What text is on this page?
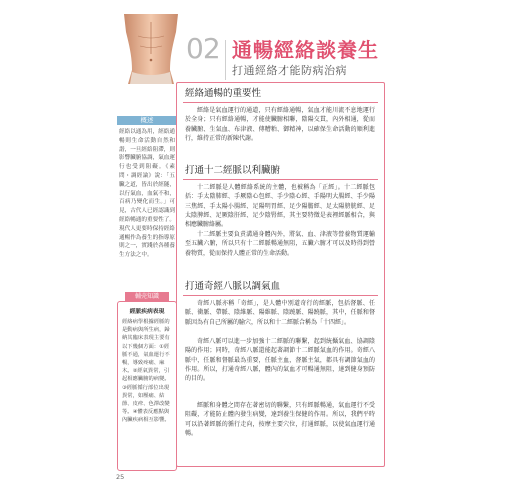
02 通暢經絡談養生
打通經絡才能防病治病
概述
經絡以通為用，經絡通暢則生命活動自然和諧，一旦經絡阻滯，則影響臟腑協調，氣血運行也受到阻礙。《素問・調經論》說：「五臟之道，皆出於經隧，以行氣血，血氣不和，百病乃變化而生。」可見，古代人已經認識到經絡暢通的重要性了。現代人更要時保持經絡通暢作為養生的指導原則之一，實踐於各種養生方法之中。
經脈疾病表現
經絡病學根據經脈的是動病與所生病，歸納其臨床表現主要有以下幾個方面：①經脈不通，氣血運行不暢，導致疼痛、麻木。②經氣異常，引起相應臟腑的病變。③經脈循行部位出現異常，如壓痛、結節、皮疹、色澤改變等。④體表反應點與內臟疾病相互影響。
輔壳知識
經絡通暢的重要性
經絡是氣血運行的通道，只有經絡通暢，氣血才能川流不息地運行於全身；只有經絡通暢，才能使臟腑相聯，陰陽交貫，內外相通，從而養臟腑、生氣血、布津液、傳糟粕、御精神，以確保生命活動的順利進行，維持正常的新陳代謝。
打通十二經脈以利臟腑
十二經脈是人體經絡系統的主體，也被稱為「正經」。十二經脈包括：手太陰肺經、手厥陰心包經、手少陰心經、手陽明大腸經、手少陽三焦經、手太陽小腸經、足陽明胃經、足少陽膽經、足太陽膀胱經、足太陰脾經、足厥陰肝經、足少陰腎經，其主要特徵是表裡經脈相合，與相應臟腑絡屬。
十二經脈主要負責溝通身體內外，將氣、血、津液等營養物質運輸至五臟六腑，所以只有十二經脈暢通無阻，五臟六腑才可以及時得到營養物質，從而保持人體正常的生命活動。
打通奇經八脈以調氣血
奇經八脈亦稱「奇經」，是人體中別道奇行的經脈，包括督脈、任脈、衝脈、帶脈、陰維脈、陽維脈、陰蹺脈、陽蹺脈，其中，任脈和督脈因為有自己所屬的腧穴，所以和十二經脈合稱為「十四經」。
奇經八脈可以進一步加強十二經脈的聯繫，起到統攝氣血、協調陰陽的作用；同時，奇經八脈還能起著調節十二經脈氣血的作用。奇經八脈中，任脈和督脈最為重要，任脈主血，督脈主氣，都具有調節氣血的作用。所以，打通奇經八脈，體內的氣血才可暢通無阻，達到健身預防的目的。
經脈和身體之間存在著密切的聯繫，只有經脈暢通，氣血運行不受阻礙，才能防止體內發生病變，達到養生保健的作用。所以，我們平時可以沿著經脈的循行走向，按摩主要穴位，打通經脈，以使氣血運行通暢。
25
